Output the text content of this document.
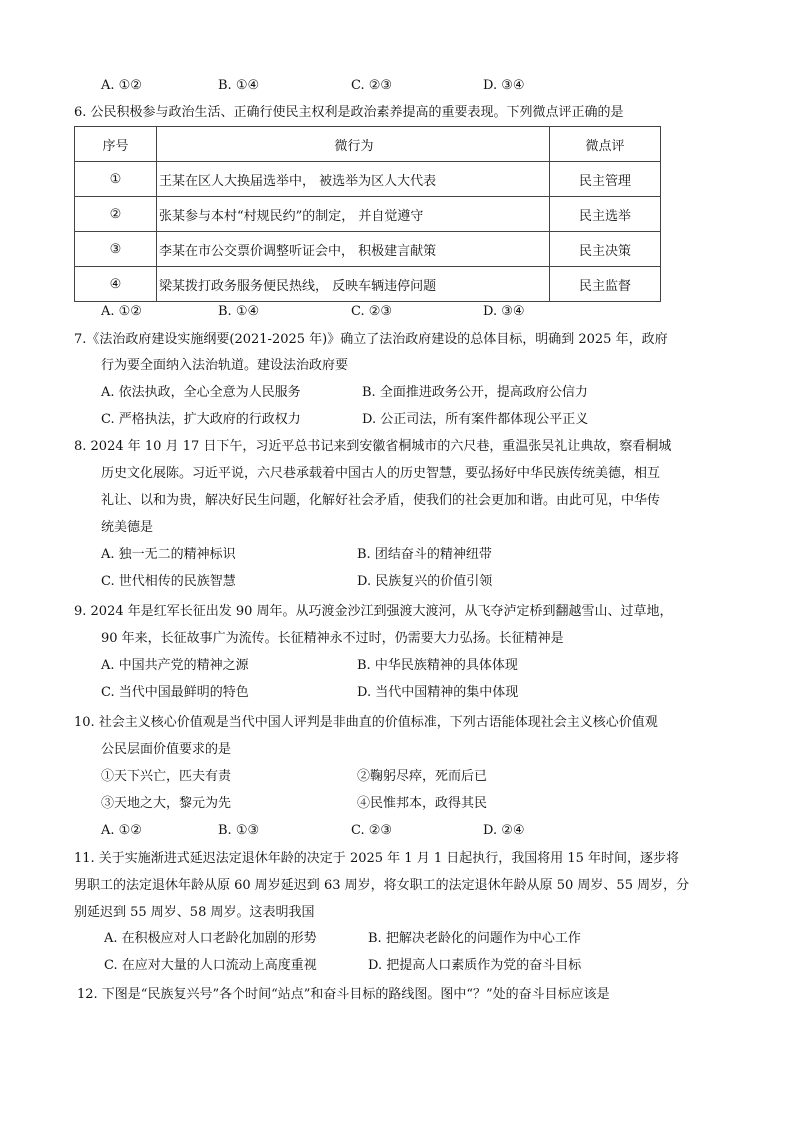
A. ①②	B. ①④	C. ②③	D. ③④
6. 公民积极参与政治生活、正确行使民主权利是政治素养提高的重要表现。下列微点评正确的是
序号	微行为	微点评
①	王某在区人大换届选举中， 被选举为区人大代表	民主管理
②	张某参与本村“村规民约”的制定， 并自觉遵守	民主选举
③	李某在市公交票价调整听证会中， 积极建言献策	民主决策
④	梁某拨打政务服务便民热线， 反映车辆违停问题	民主监督
A. ①②	B. ①④	C. ②③	D. ③④
7.《法治政府建设实施纲要(2021-2025 年)》确立了法治政府建设的总体目标，明确到 2025 年，政府
行为要全面纳入法治轨道。建设法治政府要
A. 依法执政，全心全意为人民服务	B. 全面推进政务公开，提高政府公信力
C. 严格执法，扩大政府的行政权力	D. 公正司法，所有案件都体现公平正义
8. 2024 年 10 月 17 日下午，习近平总书记来到安徽省桐城市的六尺巷，重温张吴礼让典故，察看桐城
历史文化展陈。习近平说，六尺巷承载着中国古人的历史智慧，要弘扬好中华民族传统美德，相互
礼让、以和为贵，解决好民生问题，化解好社会矛盾，使我们的社会更加和谐。由此可见，中华传
统美德是
A. 独一无二的精神标识	B. 团结奋斗的精神纽带
C. 世代相传的民族智慧	D. 民族复兴的价值引领
9. 2024 年是红军长征出发 90 周年。从巧渡金沙江到强渡大渡河，从飞夺泸定桥到翻越雪山、过草地，
90 年来，长征故事广为流传。长征精神永不过时，仍需要大力弘扬。长征精神是
A. 中国共产党的精神之源	B. 中华民族精神的具体体现
C. 当代中国最鲜明的特色	D. 当代中国精神的集中体现
10. 社会主义核心价值观是当代中国人评判是非曲直的价值标准，下列古语能体现社会主义核心价值观
公民层面价值要求的是
①天下兴亡，匹夫有责	②鞠躬尽瘁，死而后已
③天地之大，黎元为先	④民惟邦本，政得其民
A. ①②	B. ①③	C. ②③	D. ②④
11. 关于实施渐进式延迟法定退休年龄的决定于 2025 年 1 月 1 日起执行，我国将用 15 年时间，逐步将
男职工的法定退休年龄从原 60 周岁延迟到 63 周岁，将女职工的法定退休年龄从原 50 周岁、55 周岁，分
别延迟到 55 周岁、58 周岁。这表明我国
A. 在积极应对人口老龄化加剧的形势	B. 把解决老龄化的问题作为中心工作
C. 在应对大量的人口流动上高度重视	D. 把提高人口素质作为党的奋斗目标
12. 下图是“民族复兴号”各个时间“站点”和奋斗目标的路线图。图中“？”处的奋斗目标应该是
